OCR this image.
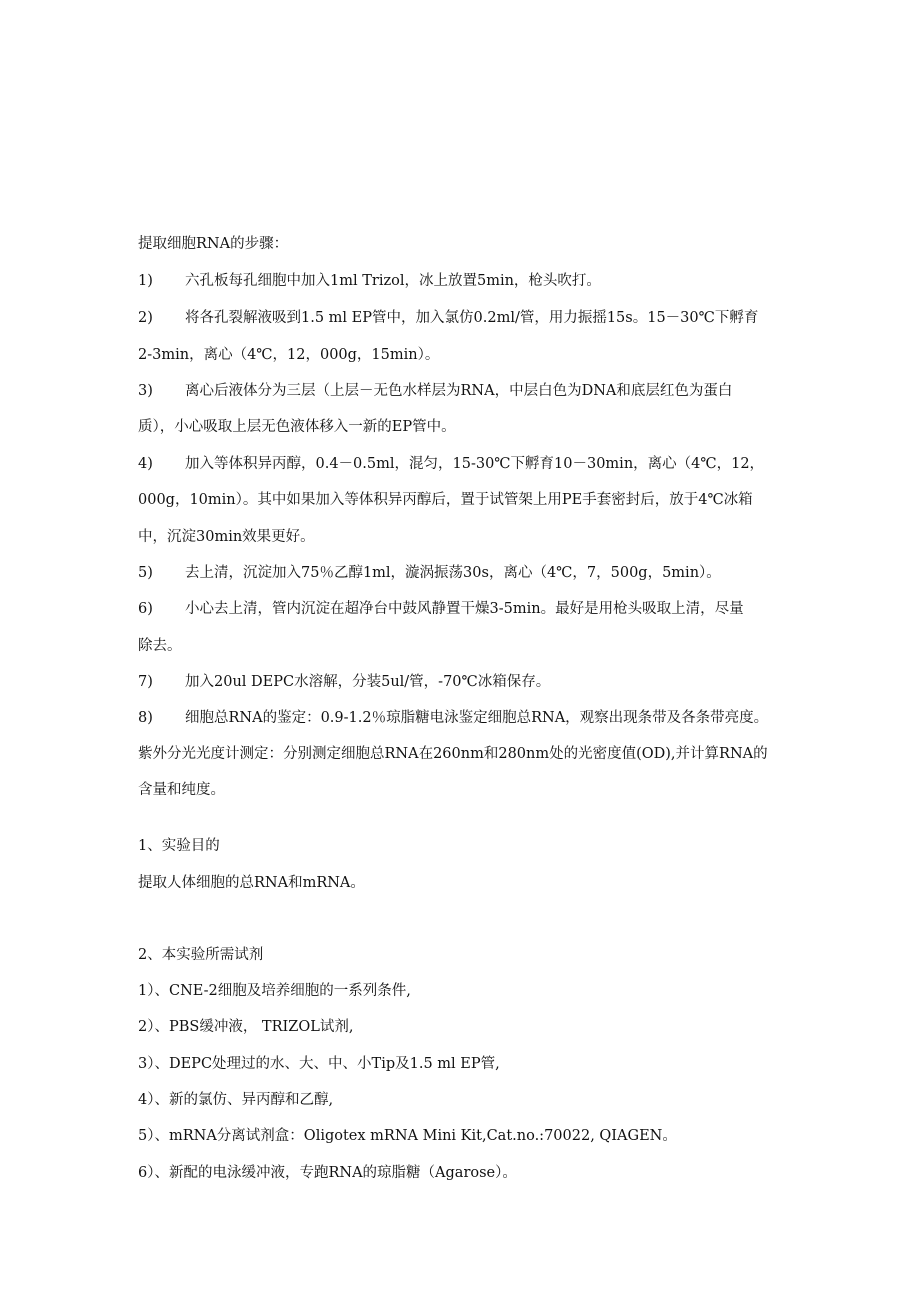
提取细胞RNA的步骤：
1) 六孔板每孔细胞中加入1ml Trizol，冰上放置5min，枪头吹打。
2) 将各孔裂解液吸到1.5 ml EP管中，加入氯仿0.2ml/管，用力振摇15s。15－30℃下孵育
2-3min，离心（4℃，12，000g，15min）。
3) 离心后液体分为三层（上层－无色水样层为RNA，中层白色为DNA和底层红色为蛋白
质），小心吸取上层无色液体移入一新的EP管中。
4) 加入等体积异丙醇，0.4－0.5ml，混匀，15-30℃下孵育10－30min，离心（4℃，12，
000g，10min）。其中如果加入等体积异丙醇后，置于试管架上用PE手套密封后，放于4℃冰箱
中，沉淀30min效果更好。
5) 去上清，沉淀加入75％乙醇1ml，漩涡振荡30s，离心（4℃，7，500g，5min）。
6) 小心去上清，管内沉淀在超净台中鼓风静置干燥3-5min。最好是用枪头吸取上清，尽量
除去。
7) 加入20ul DEPC水溶解，分装5ul/管，-70℃冰箱保存。
8) 细胞总RNA的鉴定：0.9-1.2％琼脂糖电泳鉴定细胞总RNA，观察出现条带及各条带亮度。
紫外分光光度计测定：分别测定细胞总RNA在260nm和280nm处的光密度值(OD),并计算RNA的
含量和纯度。
1、实验目的
提取人体细胞的总RNA和mRNA。
2、本实验所需试剂
1）、CNE-2细胞及培养细胞的一系列条件,
2）、PBS缓冲液， TRIZOL试剂,
3）、DEPC处理过的水、大、中、小Tip及1.5 ml EP管,
4）、新的氯仿、异丙醇和乙醇,
5）、mRNA分离试剂盒：Oligotex mRNA Mini Kit,Cat.no.:70022, QIAGEN。
6）、新配的电泳缓冲液，专跑RNA的琼脂糖（Agarose）。
